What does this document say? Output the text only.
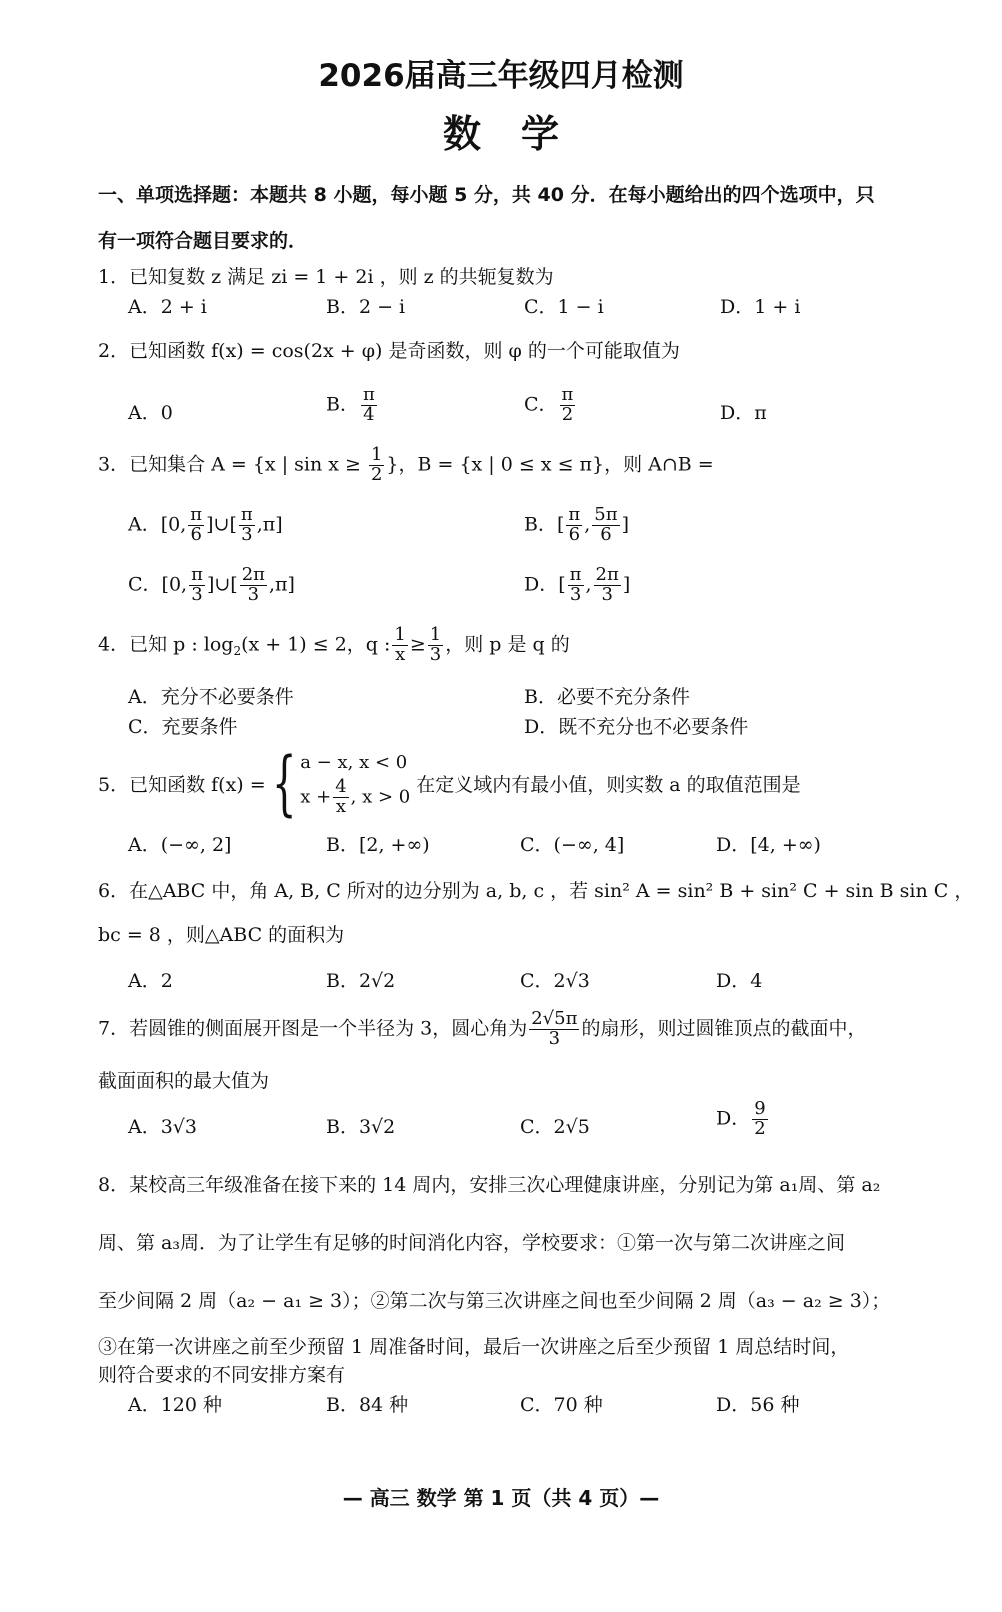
2026届高三年级四月检测
数学
一、单项选择题：本题共 8 小题，每小题 5 分，共 40 分．在每小题给出的四个选项中，只
有一项符合题目要求的．
1．已知复数 z 满足 zi = 1 + 2i ，则 z 的共轭复数为
A．2 + i	B．2 − i	C．1 − i	D．1 + i
2．已知函数 f(x) = cos(2x + φ) 是奇函数，则 φ 的一个可能取值为
A．0	B． $\frac{\pi}{4}$	C． $\frac{\pi}{2}$	D．π
3．已知集合 A = {x | $\sin x \ge \frac{1}{2}$ }，B = {x | 0 ≤ x ≤ π}，则 A∩B =
A．[0, $\frac{\pi}{6}$ ]∪[ $\frac{\pi}{3} ,\pi$]	B．[ $\frac{\pi}{6}$ , $\frac{5\pi}{6}$ ]
C．[0, $\frac{\pi}{3}$ ]∪[ $\frac{2\pi}{3} ,\pi$]	D．[ $\frac{\pi}{3}$ , $\frac{2\pi}{3}$ ]
4．已知 p : $\log_2(x + 1) \le 2$，q : $\frac{1}{x} \ge \frac{1}{3}$ ，则 p 是 q 的
A．充分不必要条件	B．必要不充分条件
C．充要条件	D．既不充分也不必要条件
5．已知函数 f(x) = { a − x, x < 0
$x + \frac{4}{x}$ , x > 0
在定义域内有最小值，则实数 a 的取值范围是
A．(−∞, 2]	B．[2, +∞)	C．(−∞, 4]	D．[4, +∞)
6．在△ABC 中，角 A, B, C 所对的边分别为 a, b, c ，若 sin² A = sin² B + sin² C + sin B sin C ，
bc = 8 ，则△ABC 的面积为
A．2	B．2√2	C．2√3	D．4
7．若圆锥的侧面展开图是一个半径为 3，圆心角为 $\frac{2√5\pi}{3}$ 的扇形，则过圆锥顶点的截面中，
截面面积的最大值为
A．3√3	B．3√2	C．2√5	D． $\frac{9}{2}$
8．某校高三年级准备在接下来的 14 周内，安排三次心理健康讲座，分别记为第 a₁周、第 a₂
周、第 a₃周．为了让学生有足够的时间消化内容，学校要求：①第一次与第二次讲座之间
至少间隔 2 周（a₂ − a₁ ≥ 3）；②第二次与第三次讲座之间也至少间隔 2 周（a₃ − a₂ ≥ 3）；
③在第一次讲座之前至少预留 1 周准备时间，最后一次讲座之后至少预留 1 周总结时间，
则符合要求的不同安排方案有
A．120 种	B．84 种	C．70 种	D．56 种
— 高三 数学 第 1 页（共 4 页）—
